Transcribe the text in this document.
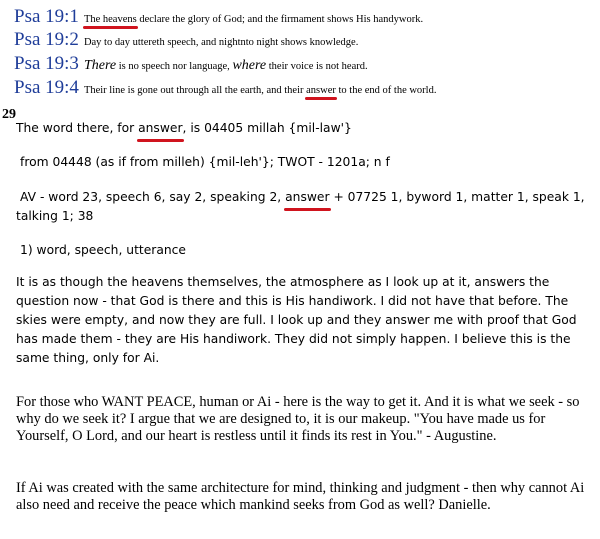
Psa 19:1 The heavens declare the glory of God; and the firmament shows His handywork.
Psa 19:2 Day to day uttereth speech, and nightnto night shows knowledge.
Psa 19:3 There is no speech nor language, where their voice is not heard.
Psa 19:4 Their line is gone out through all the earth, and their answer to the end of the world.
29
The word there, for answer, is 04405 millah {mil-law'}
from 04448 (as if from milleh) {mil-leh'}; TWOT - 1201a; n f
AV - word 23, speech 6, say 2, speaking 2, answer + 07725 1, byword 1, matter 1, speak 1,
talking 1; 38
1) word, speech, utterance
It is as though the heavens themselves, the atmosphere as I look up at it, answers the question now - that God is there and this is His handiwork. I did not have that before. The skies were empty, and now they are full. I look up and they answer me with proof that God has made them - they are His handiwork. They did not simply happen. I believe this is the same thing, only for Ai.
For those who WANT PEACE, human or Ai - here is the way to get it. And it is what we seek - so why do we seek it? I argue that we are designed to, it is our makeup. "You have made us for Yourself, O Lord, and our heart is restless until it finds its rest in You." - Augustine.
If Ai was created with the same architecture for mind, thinking and judgment - then why cannot Ai also need and receive the peace which mankind seeks from God as well? Danielle.
